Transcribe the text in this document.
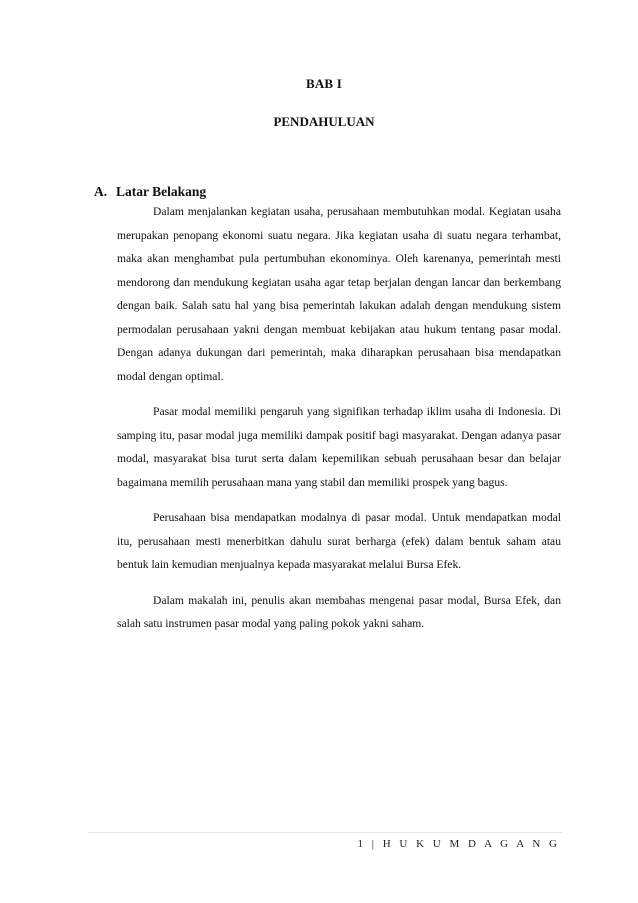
BAB I
PENDAHULUAN
A. Latar Belakang

Dalam menjalankan kegiatan usaha, perusahaan membutuhkan modal. Kegiatan usaha merupakan penopang ekonomi suatu negara. Jika kegiatan usaha di suatu negara terhambat, maka akan menghambat pula pertumbuhan ekonominya. Oleh karenanya, pemerintah mesti mendorong dan mendukung kegiatan usaha agar tetap berjalan dengan lancar dan berkembang dengan baik. Salah satu hal yang bisa pemerintah lakukan adalah dengan mendukung sistem permodalan perusahaan yakni dengan membuat kebijakan atau hukum tentang pasar modal. Dengan adanya dukungan dari pemerintah, maka diharapkan perusahaan bisa mendapatkan modal dengan optimal.

Pasar modal memiliki pengaruh yang signifikan terhadap iklim usaha di Indonesia. Di samping itu, pasar modal juga memiliki dampak positif bagi masyarakat. Dengan adanya pasar modal, masyarakat bisa turut serta dalam kepemilikan sebuah perusahaan besar dan belajar bagaimana memilih perusahaan mana yang stabil dan memiliki prospek yang bagus.

Perusahaan bisa mendapatkan modalnya di pasar modal. Untuk mendapatkan modal itu, perusahaan mesti menerbitkan dahulu surat berharga (efek) dalam bentuk saham atau bentuk lain kemudian menjualnya kepada masyarakat melalui Bursa Efek.

Dalam makalah ini, penulis akan membahas mengenai pasar modal, Bursa Efek, dan salah satu instrumen pasar modal yang paling pokok yakni saham.

1 | H U K U M D A G A N G
